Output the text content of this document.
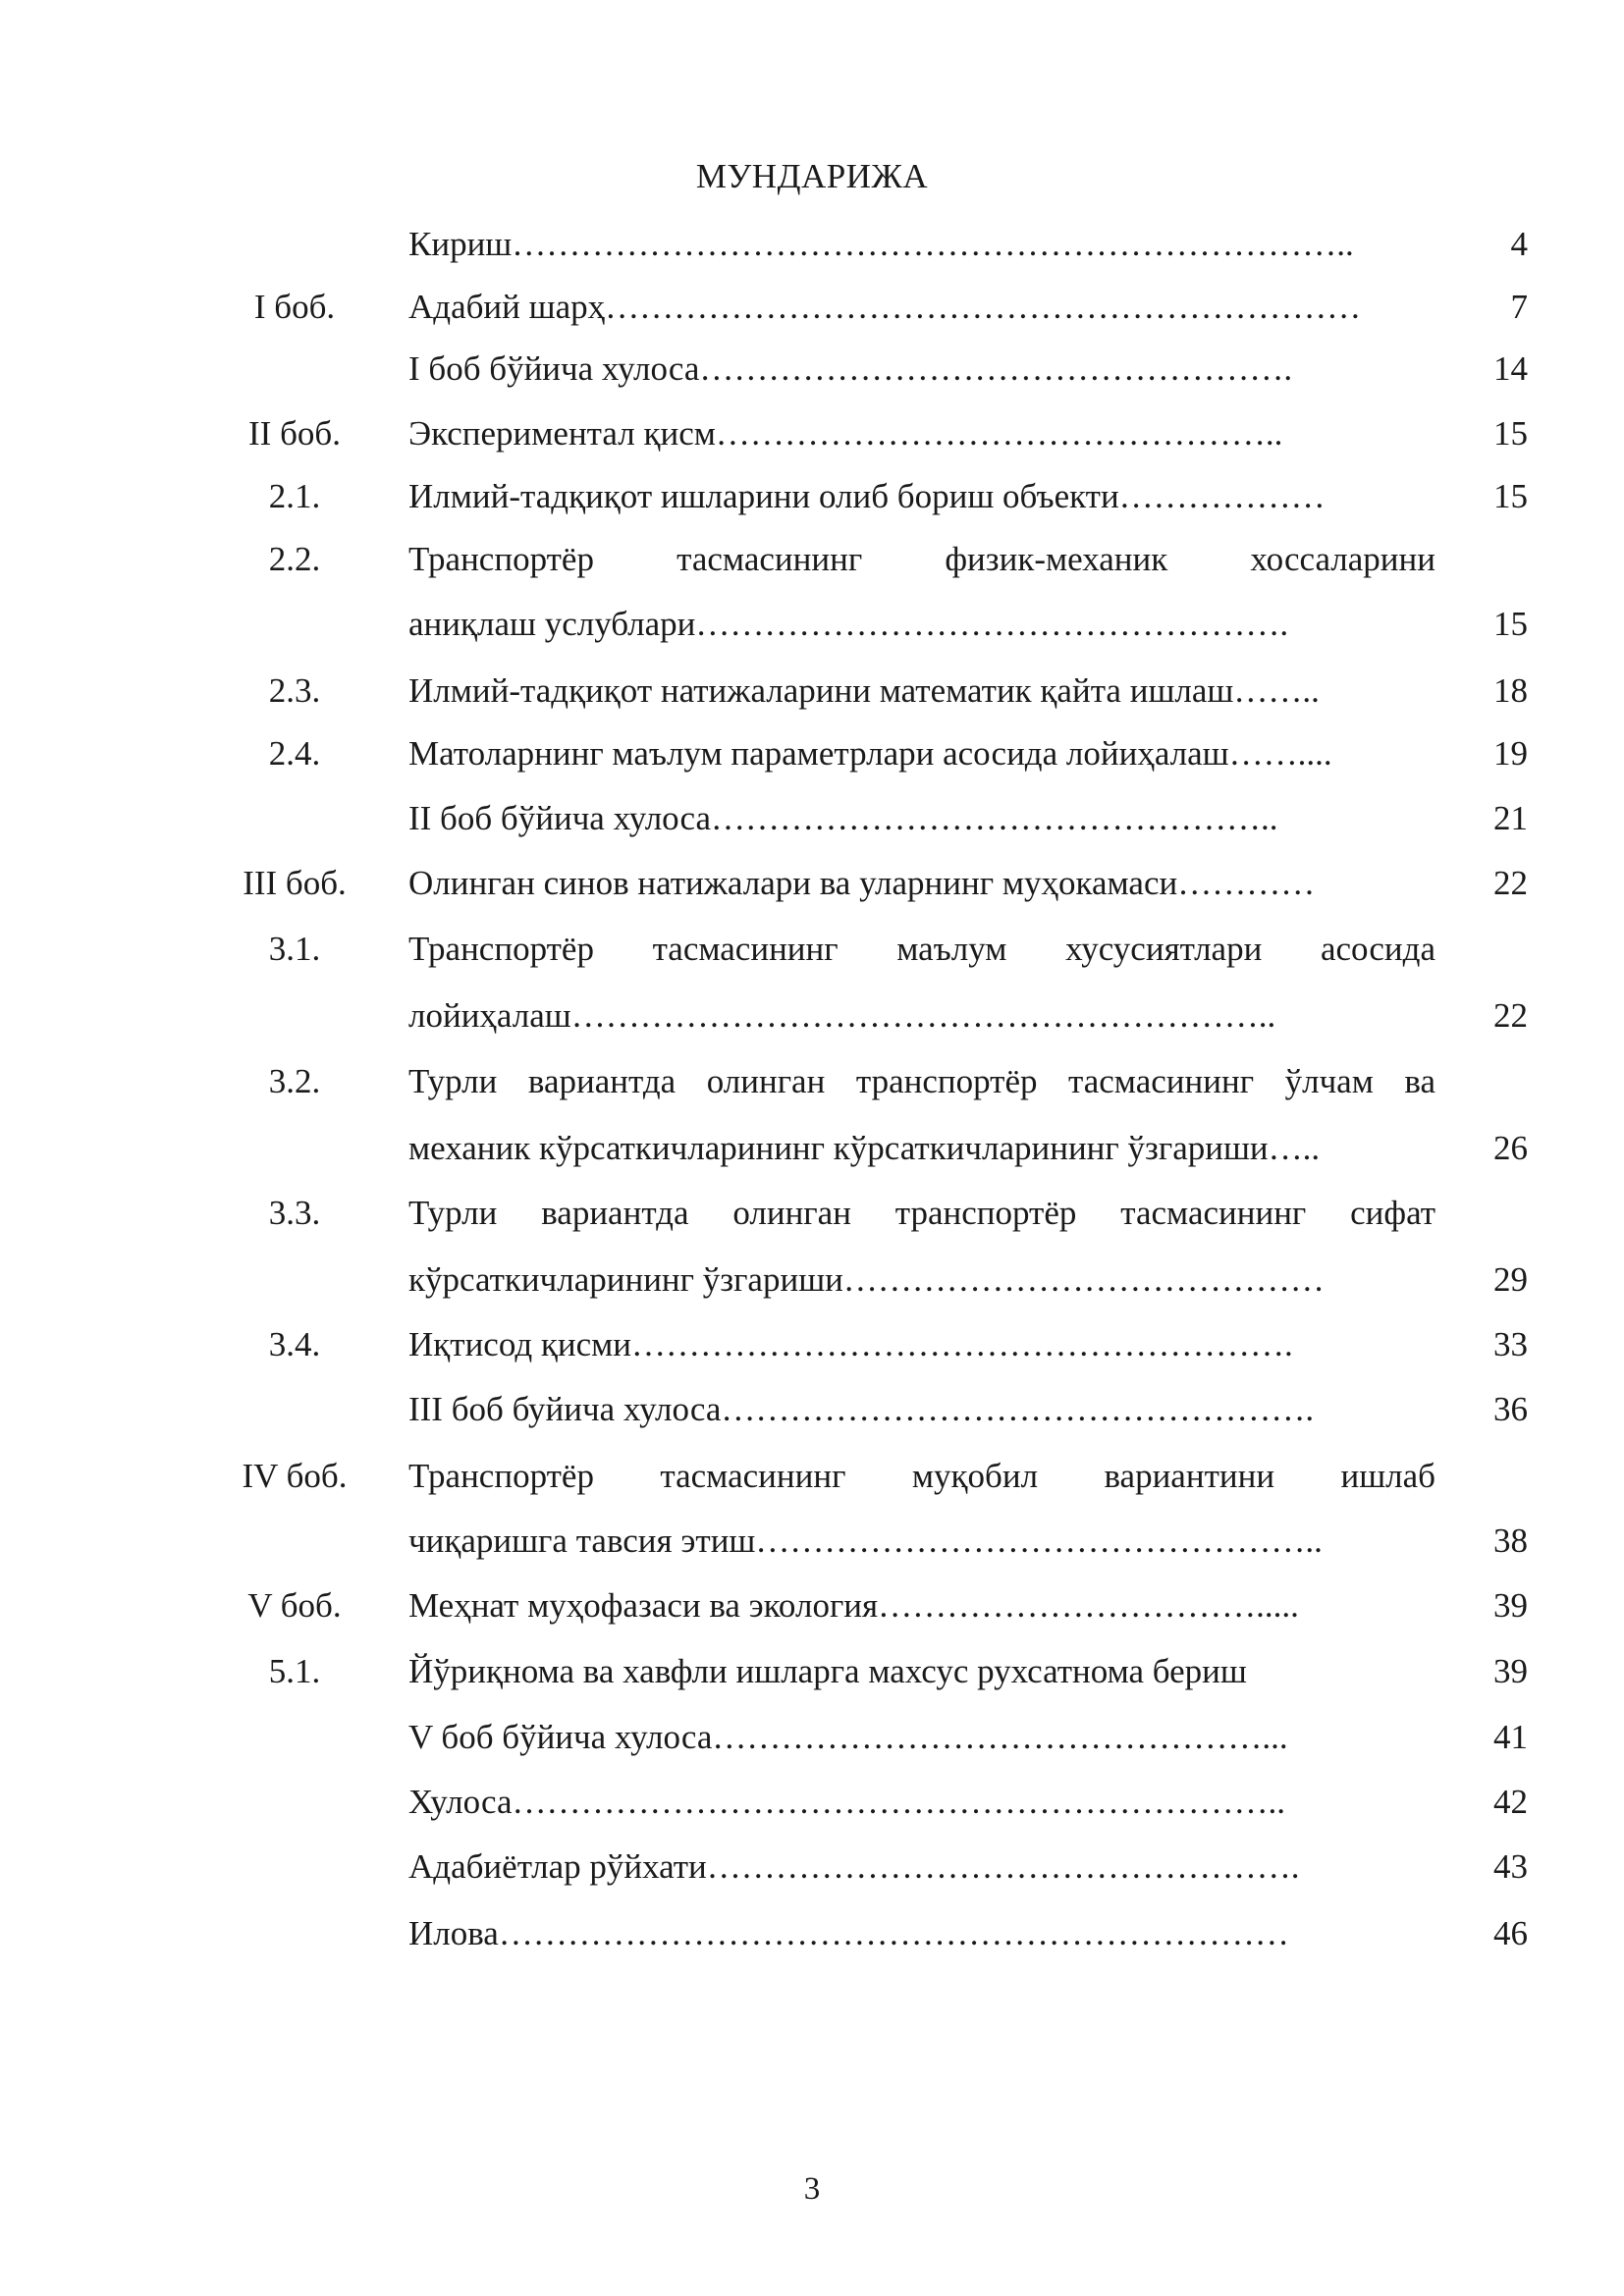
МУНДАРИЖА
Кириш………………………………………………………………..	4
I боб.	Адабий шарҳ…………………………………………………………	7
I боб бўйича хулоса…………………………………………….	14
II боб.	Экспериментал қисм…………………………………………..	15
2.1.	Илмий-тадқиқот ишларини олиб бориш объекти………………	15
2.2.	Транспортёр тасмасининг физик-механик хоссаларини
аниқлаш услублари…………………………………………….	15
2.3.	Илмий-тадқиқот натижаларини математик қайта ишлаш……..	18
2.4.	Матоларнинг маълум параметрлари асосида лойиҳалаш……....	19
II боб бўйича хулоса…………………………………………..	21
III боб.	Олинган синов натижалари ва уларнинг муҳокамаси…………	22
3.1.	Транспортёр тасмасининг маълум хусусиятлари асосида
лойиҳалаш……………………………………………………..	22
3.2.	Турли вариантда олинган транспортёр тасмасининг ўлчам ва
механик кўрсаткичларининг кўрсаткичларининг ўзгариши…..	26
3.3.	Турли вариантда олинган транспортёр тасмасининг сифат
кўрсаткичларининг ўзгариши……………………………………	29
3.4.	Иқтисод қисми………………………………………………….	33
III боб буйича хулоса…………………………………………….	36
IV боб.	Транспортёр тасмасининг муқобил вариантини ишлаб
чиқаришга тавсия этиш…………………………………………..	38
V боб.	Меҳнат муҳофазаси ва экология…………………………….....	39
5.1.	Йўриқнома ва хавфли ишларга махсус рухсатнома бериш	39
V боб бўйича хулоса…………………………………………...	41
Хулоса…………………………………………………………..	42
Адабиётлар рўйхати…………………………………………….	43
Илова……………………………………………………………	46
3
